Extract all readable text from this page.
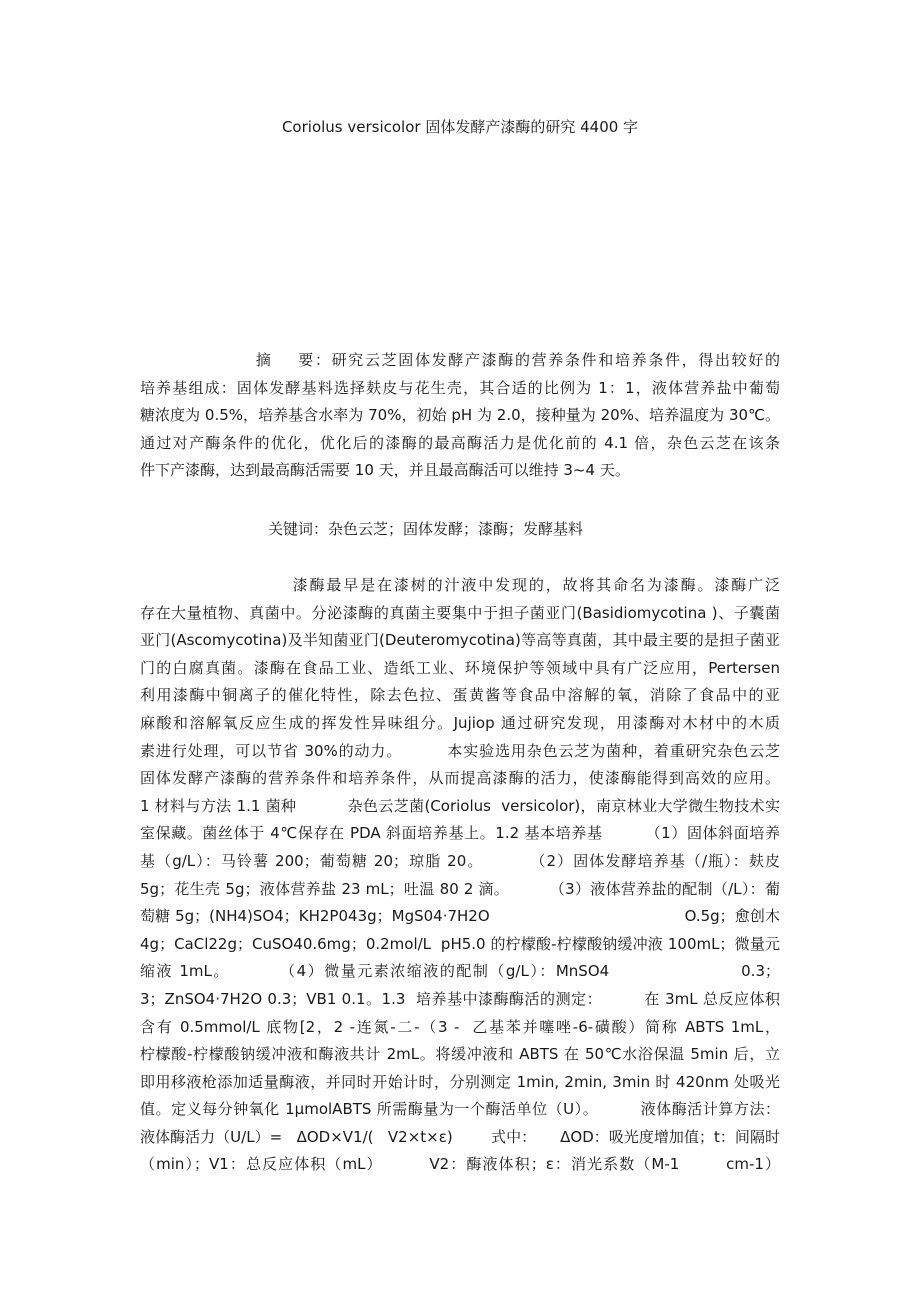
Coriolus versicolor 固体发酵产漆酶的研究 4400 字
摘    要：研究云芝固体发酵产漆酶的营养条件和培养条件，得出较好的
培养基组成：固体发酵基料选择麸皮与花生壳，其合适的比例为 1：1，液体营养盐中葡萄
糖浓度为 0.5%，培养基含水率为 70%，初始 pH 为 2.0，接种量为 20%、培养温度为 30℃。
通过对产酶条件的优化，优化后的漆酶的最高酶活力是优化前的 4.1 倍，杂色云芝在该条
件下产漆酶，达到最高酶活需要 10 天，并且最高酶活可以维持 3~4 天。
关键词：杂色云芝；固体发酵；漆酶；发酵基料
漆酶最早是在漆树的汁液中发现的，故将其命名为漆酶。漆酶广泛
存在大量植物、真菌中。分泌漆酶的真菌主要集中于担子菌亚门(Basidiomycotina )、子囊菌
亚门(Ascomycotina)及半知菌亚门(Deuteromycotina)等高等真菌，其中最主要的是担子菌亚
门的白腐真菌。漆酶在食品工业、造纸工业、环境保护等领域中具有广泛应用，Pertersen
利用漆酶中铜离子的催化特性，除去色拉、蛋黄酱等食品中溶解的氧，消除了食品中的亚
麻酸和溶解氧反应生成的挥发性异味组分。Jujiop 通过研究发现，用漆酶对木材中的木质
素进行处理，可以节省 30%的动力。        本实验选用杂色云芝为菌种，着重研究杂色云芝
固体发酵产漆酶的营养条件和培养条件，从而提高漆酶的活力，使漆酶能得到高效的应用。
1 材料与方法 1.1 菌种          杂色云芝菌(Coriolus  versicolor)，南京林业大学微生物技术实
室保藏。菌丝体于 4℃保存在 PDA 斜面培养基上。1.2 基本培养基        （1）固体斜面培养
基（g/L）：马铃薯 200；葡萄糖 20；琼脂 20。        （2）固体发酵培养基（/瓶）：麸皮
5g；花生壳 5g；液体营养盐 23 mL；吐温 80 2 滴。        （3）液体营养盐的配制（/L）：葡
萄糖 5g；(NH4)SO4；KH2P043g；MgS04·7H2O                                        O.5g；愈创木
4g；CaCl22g；CuSO40.6mg；0.2mol/L  pH5.0 的柠檬酸-柠檬酸钠缓冲液 100mL；微量元
缩液 1mL。        （4）微量元素浓缩液的配制（g/L）：MnSO4                     0.3；
3；ZnSO4·7H2O 0.3；VB1 0.1。1.3  培养基中漆酶酶活的测定：        在 3mL 总反应体积
含有 0.5mmol/L 底物[2，2 -连氮-二-（3 -  乙基苯并噻唑-6-磺酸）简称 ABTS 1mL，
柠檬酸-柠檬酸钠缓冲液和酶液共计 2mL。将缓冲液和 ABTS 在 50℃水浴保温 5min 后，立
即用移液枪添加适量酶液，并同时开始计时，分别测定 1min, 2min, 3min 时 420nm 处吸光
值。定义每分钟氧化 1μmolABTS 所需酶量为一个酶活单位（U）。        液体酶活计算方法：
液体酶活力（U/L）=   ΔOD×V1/(   V2×t×ε)        式中：     ΔOD：吸光度增加值；t：间隔时
（min）；V1：总反应体积（mL）        V2：酶液体积；ε：消光系数（M-1        cm-1）
